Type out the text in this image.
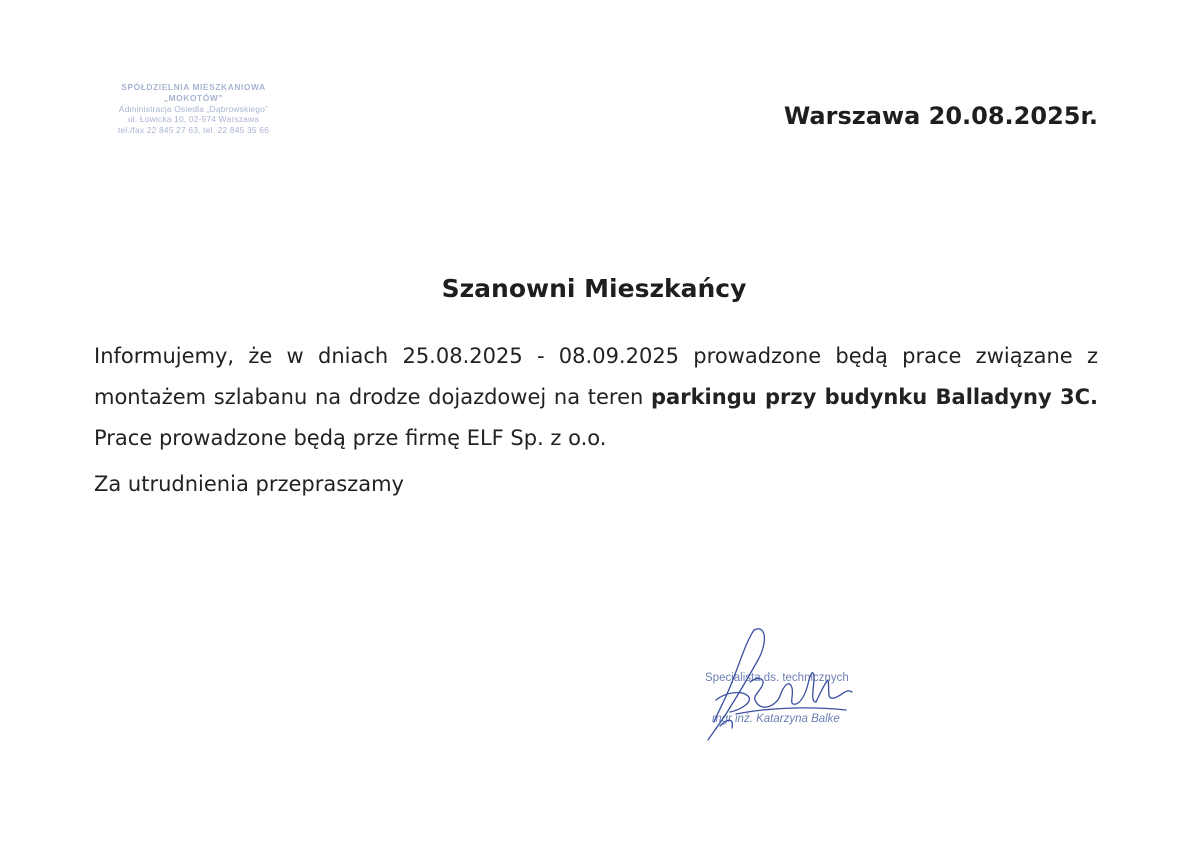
SPÓŁDZIELNIA MIESZKANIOWA
„MOKOTÓW”
Administracja Osiedla „Dąbrowskiego”
ul. Łowicka 10, 02-574 Warszawa
tel./fax 22 845 27 63, tel. 22 845 35 66
Warszawa 20.08.2025r.
Szanowni Mieszkańcy
Informujemy, że w dniach 25.08.2025 - 08.09.2025 prowadzone będą prace związane z montażem szlabanu na drodze dojazdowej na teren parkingu przy budynku Balladyny 3C. Prace prowadzone będą prze firmę ELF Sp. z o.o.
Za utrudnienia przepraszamy
Specjalista ds. technicznych
mgr inż. Katarzyna Balke
